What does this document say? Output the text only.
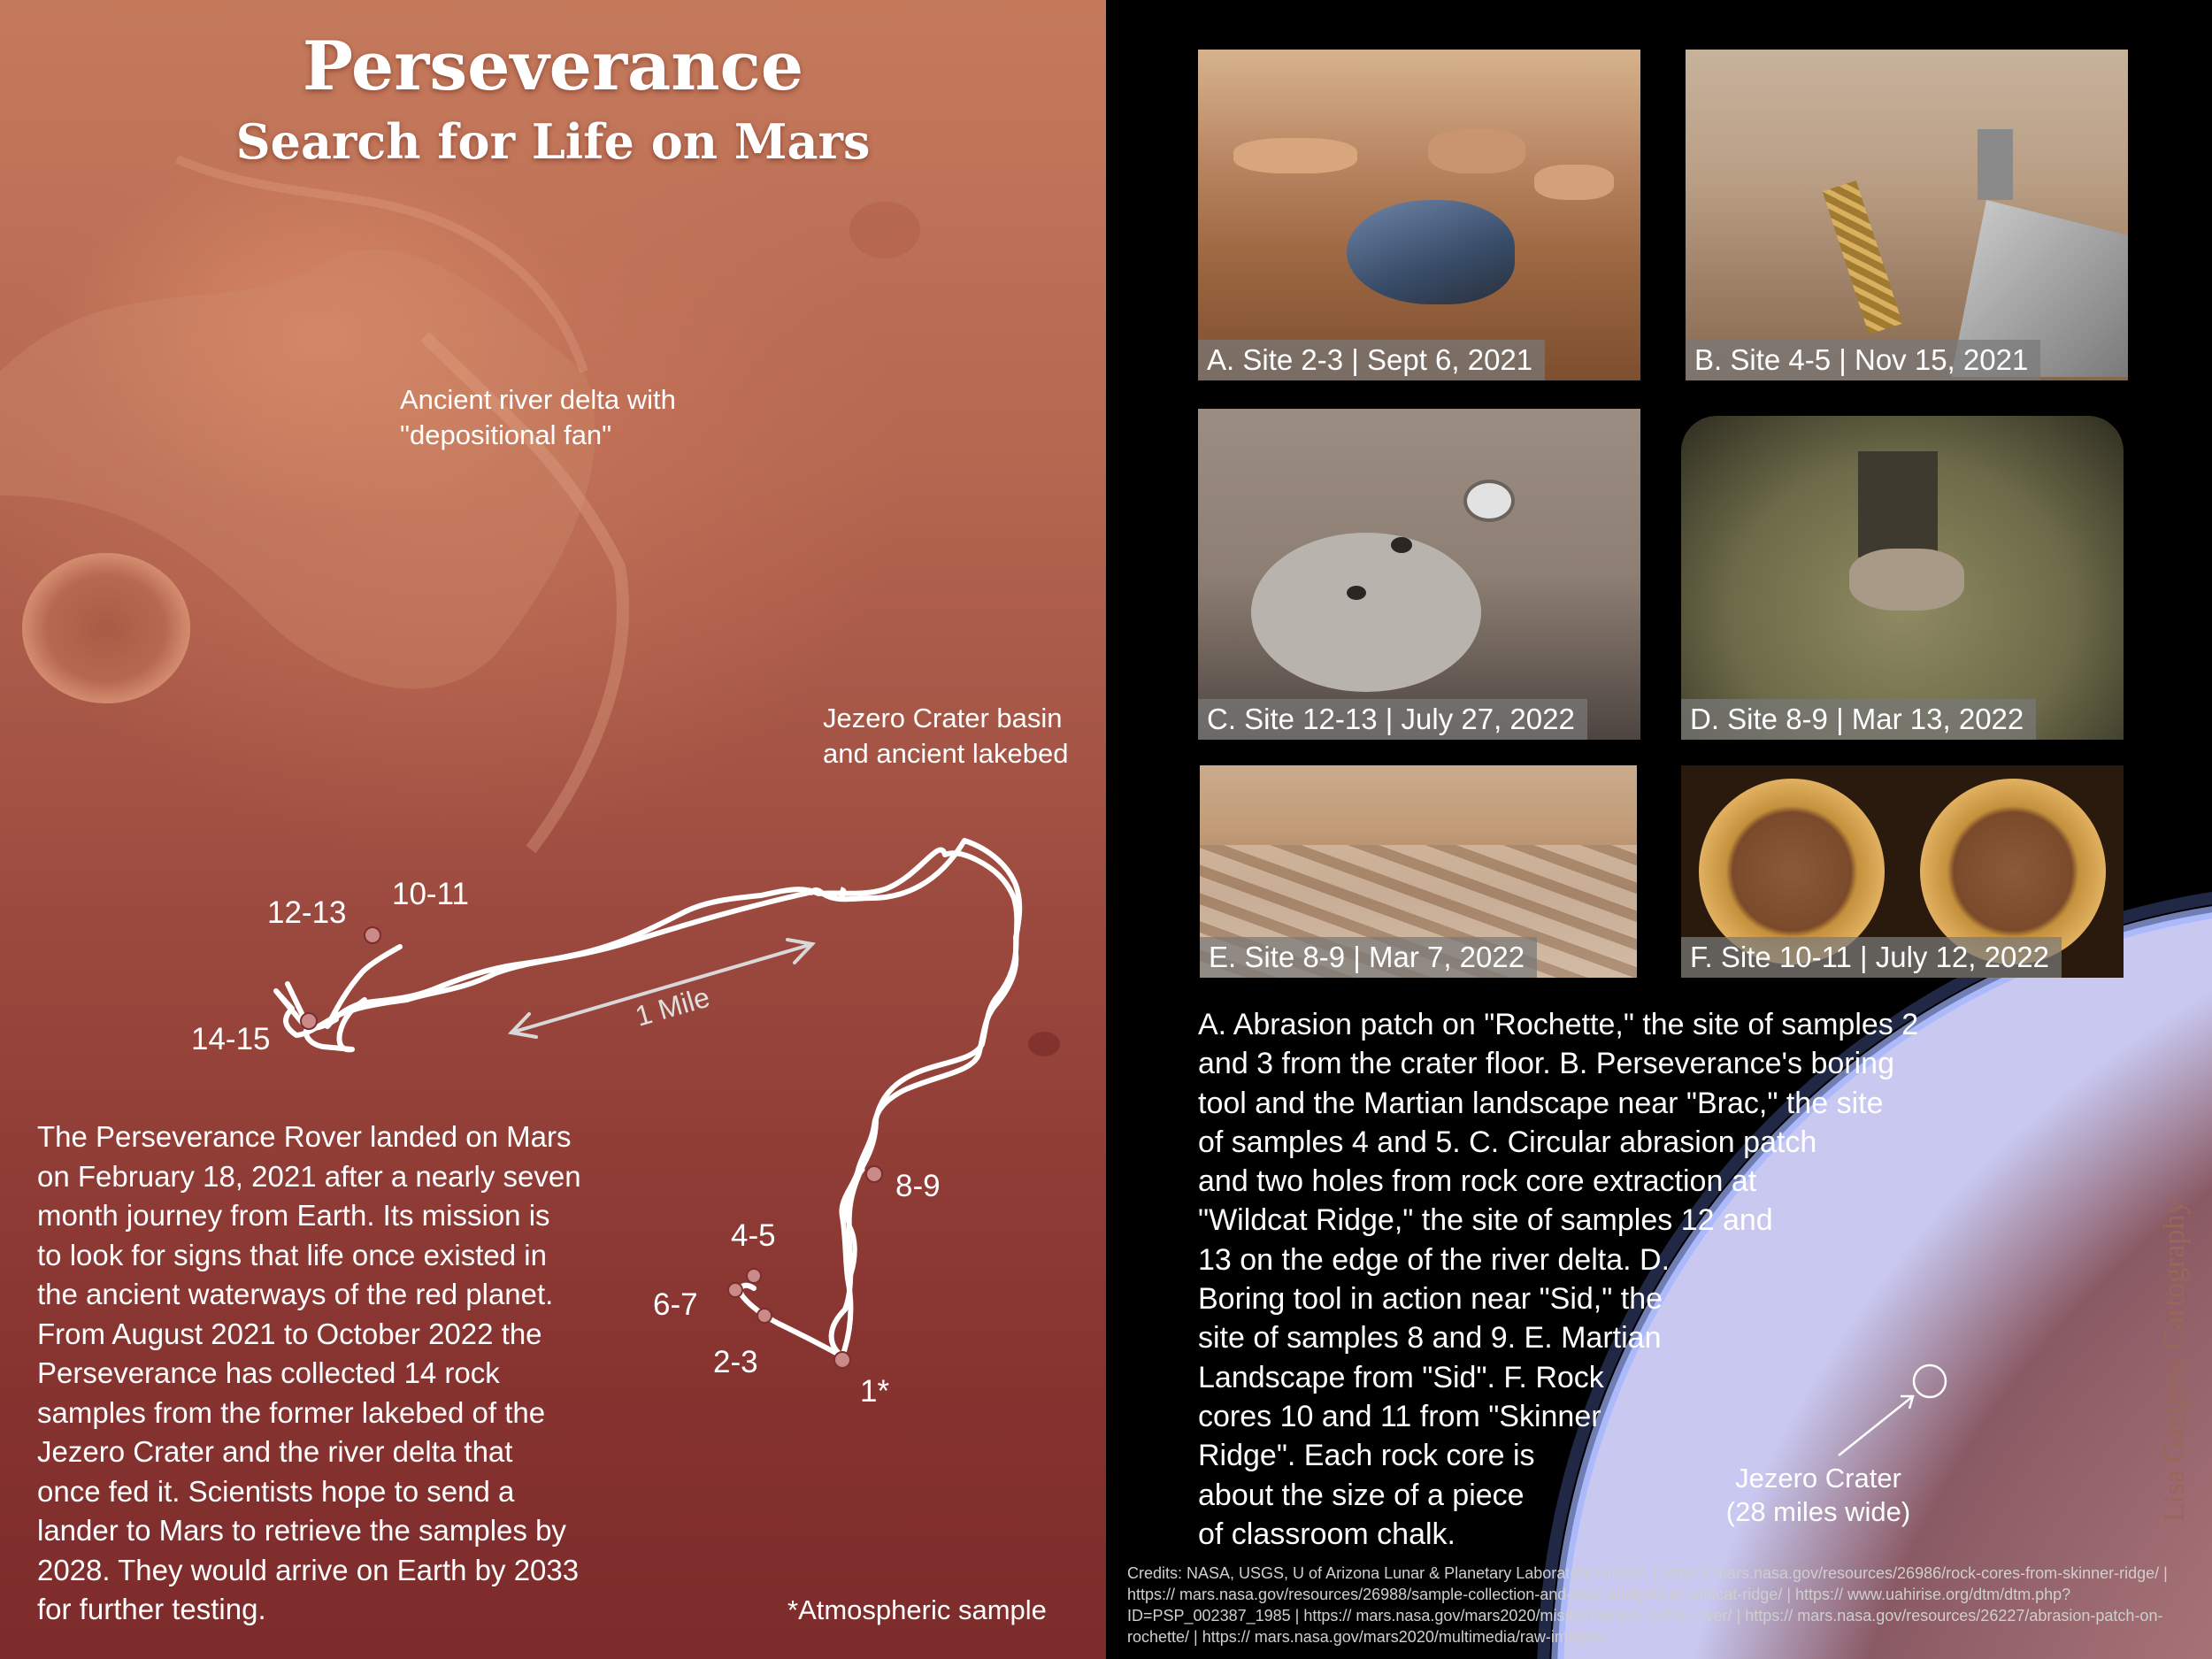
Perseverance
Search for Life on Mars
Ancient river delta with
"depositional fan"
Jezero Crater basin
and ancient lakebed
1 Mile
12-13
10-11
14-15
8-9
4-5
6-7
2-3
1*
The Perseverance Rover landed on Mars
on February 18, 2021 after a nearly seven
month journey from Earth. Its mission is
to look for signs that life once existed in
the ancient waterways of the red planet.
From August 2021 to October 2022 the
Perseverance has collected 14 rock
samples from the former lakebed of the
Jezero Crater and the river delta that
once fed it. Scientists hope to send a
lander to Mars to retrieve the samples by
2028. They would arrive on Earth by 2033
for further testing.	*Atmospheric sample
A. Site 2-3 | Sept 6, 2021	B. Site 4-5 | Nov 15, 2021
C. Site 12-13 | July 27, 2022	D. Site 8-9 | Mar 13, 2022
E. Site 8-9 | Mar 7, 2022	F. Site 10-11 | July 12, 2022
A. Abrasion patch on "Rochette," the site of samples 2
and 3 from the crater floor. B. Perseverance's boring
tool and the Martian landscape near "Brac," the site
of samples 4 and 5. C. Circular abrasion patch
and two holes from rock core extraction at
"Wildcat Ridge," the site of samples 12 and
13 on the edge of the river delta. D.
Boring tool in action near "Sid," the
site of samples 8 and 9. E. Martian
Landscape from "Sid". F. Rock
cores 10 and 11 from "Skinner
Ridge". Each rock core is
about the size of a piece
of classroom chalk.
Jezero Crater
(28 miles wide)	Lisa Gaetjens Cartography
Credits: NASA, USGS, U of Arizona Lunar & Planetary Laboratory HiRISE | https:// mars.nasa.gov/resources/26986/rock-cores-from-skinner-ridge/ | https:// mars.nasa.gov/resources/26988/sample-collection-and-rock-analysis-at-wildcat-ridge/ | https:// www.uahirise.org/dtm/dtm.php?ID=PSP_002387_1985 | https:// mars.nasa.gov/mars2020/mission/where-is-the-rover/ | https:// mars.nasa.gov/resources/26227/abrasion-patch-on-rochette/ | https:// mars.nasa.gov/mars2020/multimedia/raw-images/
